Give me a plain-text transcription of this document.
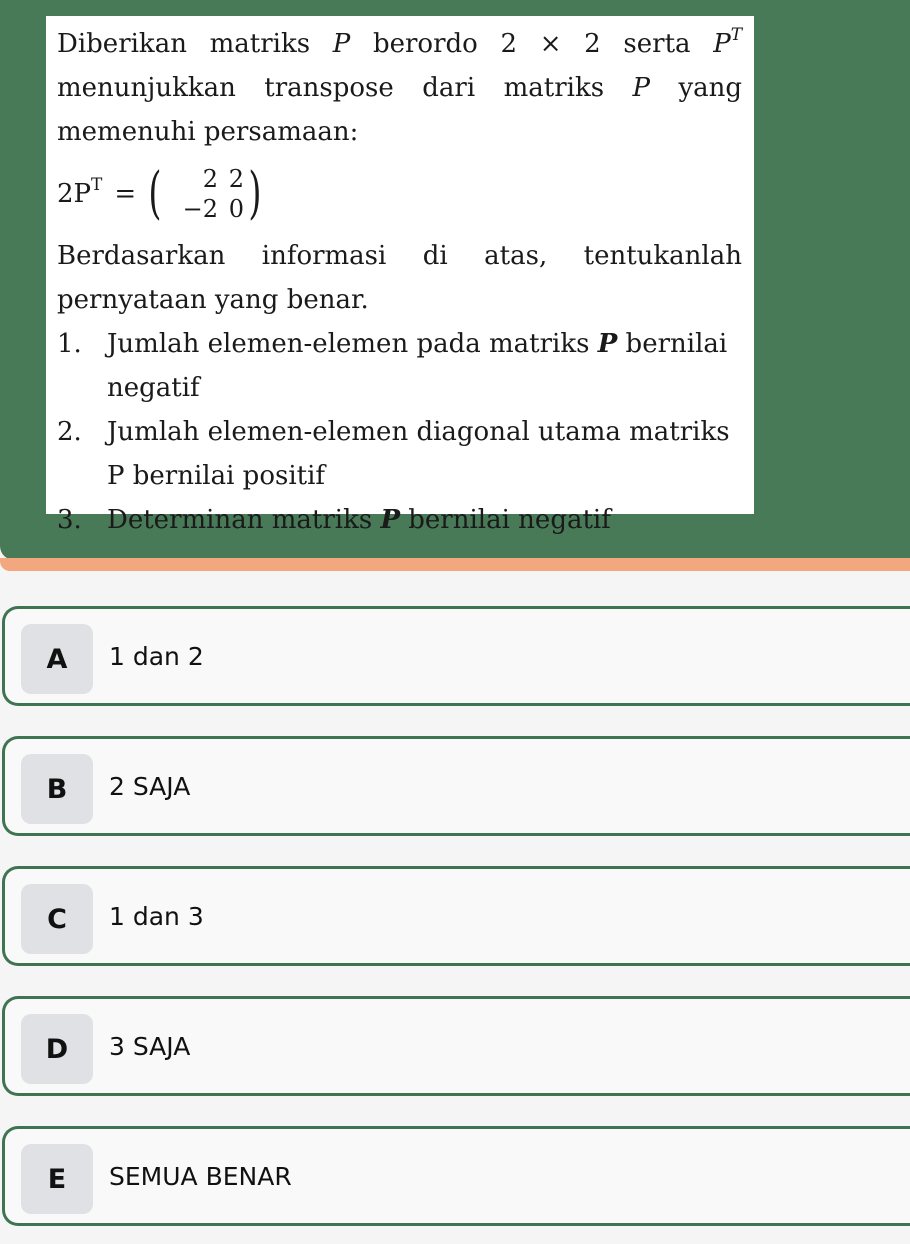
Diberikan matriks P berordo 2 × 2 serta $P^T$
menunjukkan transpose dari matriks P yang
memenuhi persamaan:
$2P^T$ = (	2 2
−2 0 )
Berdasarkan informasi di atas, tentukanlah
pernyataan yang benar.
1. Jumlah elemen-elemen pada matriks P bernilai
negatif
2. Jumlah elemen-elemen diagonal utama matriks
P bernilai positif
3. Determinan matriks P bernilai negatif
A	1 dan 2
B	2 SAJA
C	1 dan 3
D	3 SAJA
E	SEMUA BENAR
